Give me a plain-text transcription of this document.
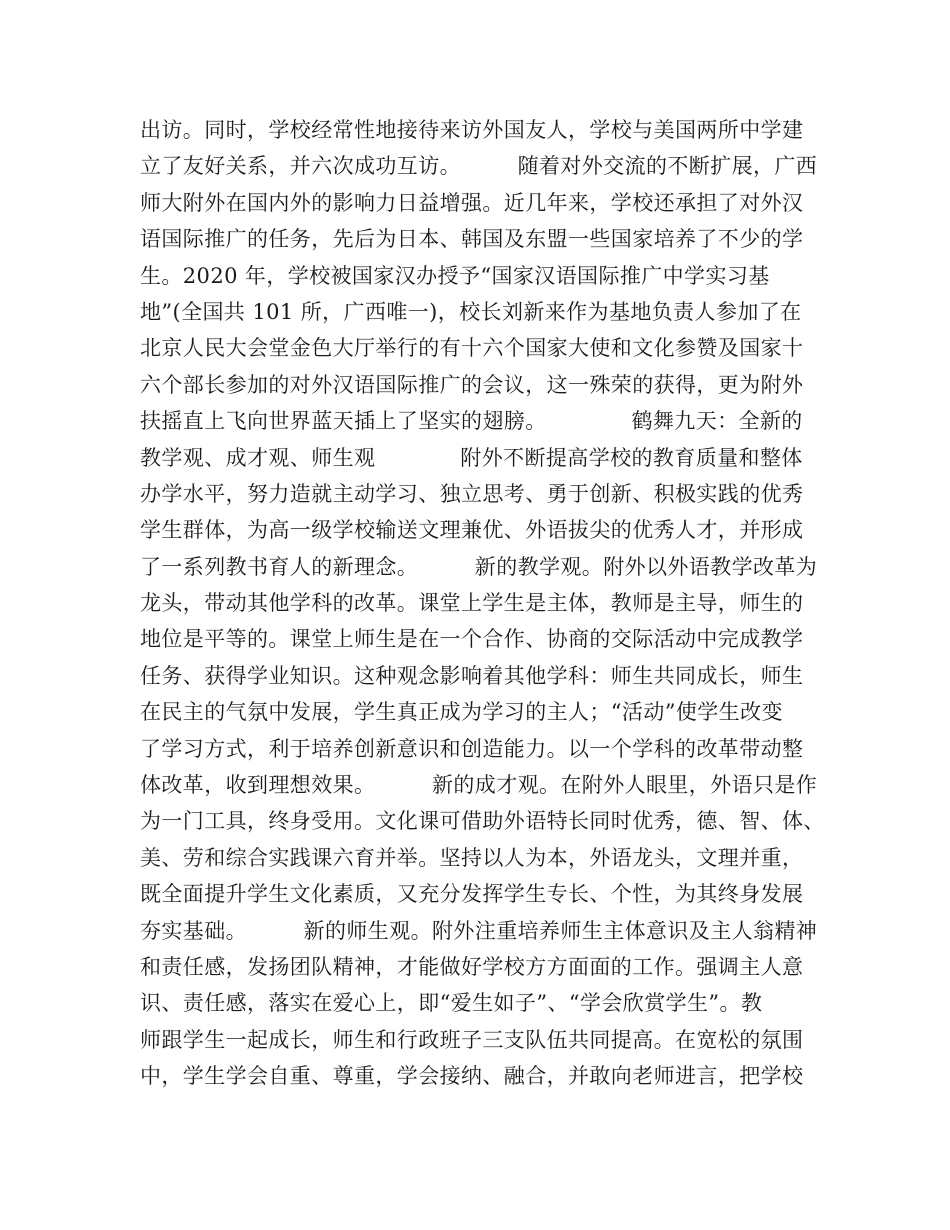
出访。同时，学校经常性地接待来访外国友人，学校与美国两所中学建
立了友好关系，并六次成功互访。        随着对外交流的不断扩展，广西
师大附外在国内外的影响力日益增强。近几年来，学校还承担了对外汉
语国际推广的任务，先后为日本、韩国及东盟一些国家培养了不少的学
生。2020 年，学校被国家汉办授予“国家汉语国际推广中学实习基
地”(全国共 101 所，广西唯一)，校长刘新来作为基地负责人参加了在
北京人民大会堂金色大厅举行的有十六个国家大使和文化参赞及国家十
六个部长参加的对外汉语国际推广的会议，这一殊荣的获得，更为附外
扶摇直上飞向世界蓝天插上了坚实的翅膀。            鹤舞九天：全新的
教学观、成才观、师生观            附外不断提高学校的教育质量和整体
办学水平，努力造就主动学习、独立思考、勇于创新、积极实践的优秀
学生群体，为高一级学校输送文理兼优、外语拔尖的优秀人才，并形成
了一系列教书育人的新理念。        新的教学观。附外以外语教学改革为
龙头，带动其他学科的改革。课堂上学生是主体，教师是主导，师生的
地位是平等的。课堂上师生是在一个合作、协商的交际活动中完成教学
任务、获得学业知识。这种观念影响着其他学科：师生共同成长，师生
在民主的气氛中发展，学生真正成为学习的主人；“活动”使学生改变
了学习方式，利于培养创新意识和创造能力。以一个学科的改革带动整
体改革，收到理想效果。        新的成才观。在附外人眼里，外语只是作
为一门工具，终身受用。文化课可借助外语特长同时优秀，德、智、体、
美、劳和综合实践课六育并举。坚持以人为本，外语龙头，文理并重，
既全面提升学生文化素质，又充分发挥学生专长、个性，为其终身发展
夯实基础。        新的师生观。附外注重培养师生主体意识及主人翁精神
和责任感，发扬团队精神，才能做好学校方方面面的工作。强调主人意
识、责任感，落实在爱心上，即“爱生如子”、“学会欣赏学生”。教
师跟学生一起成长，师生和行政班子三支队伍共同提高。在宽松的氛围
中，学生学会自重、尊重，学会接纳、融合，并敢向老师进言，把学校
